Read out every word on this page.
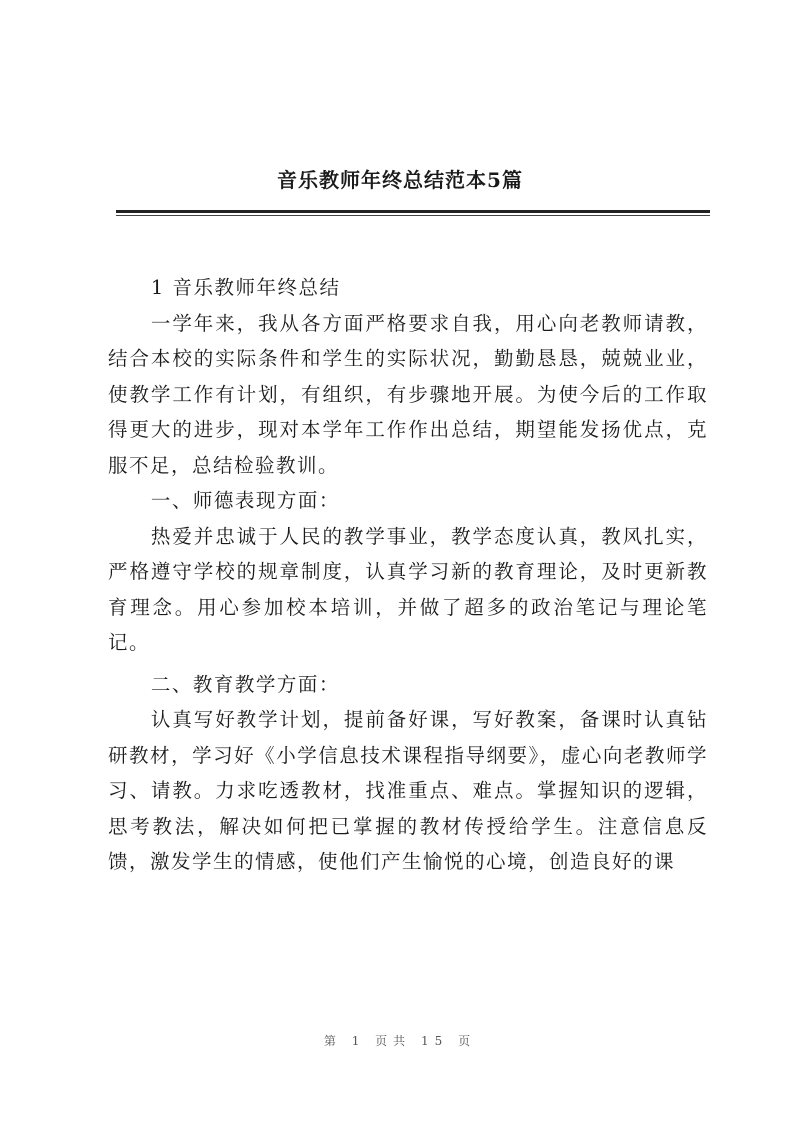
音乐教师年终总结范本5篇

1 音乐教师年终总结

一学年来，我从各方面严格要求自我，用心向老教师请教，结合本校的实际条件和学生的实际状况，勤勤恳恳，兢兢业业，使教学工作有计划，有组织，有步骤地开展。为使今后的工作取得更大的进步，现对本学年工作作出总结，期望能发扬优点，克服不足，总结检验教训。

一、师德表现方面：

热爱并忠诚于人民的教学事业，教学态度认真，教风扎实，严格遵守学校的规章制度，认真学习新的教育理论，及时更新教育理念。用心参加校本培训，并做了超多的政治笔记与理论笔记。

二、教育教学方面：

认真写好教学计划，提前备好课，写好教案，备课时认真钻研教材，学习好《小学信息技术课程指导纲要》，虚心向老教师学习、请教。力求吃透教材，找准重点、难点。掌握知识的逻辑，思考教法，解决如何把已掌握的教材传授给学生。注意信息反馈，激发学生的情感，使他们产生愉悦的心境，创造良好的课

第 1 页共 15 页
